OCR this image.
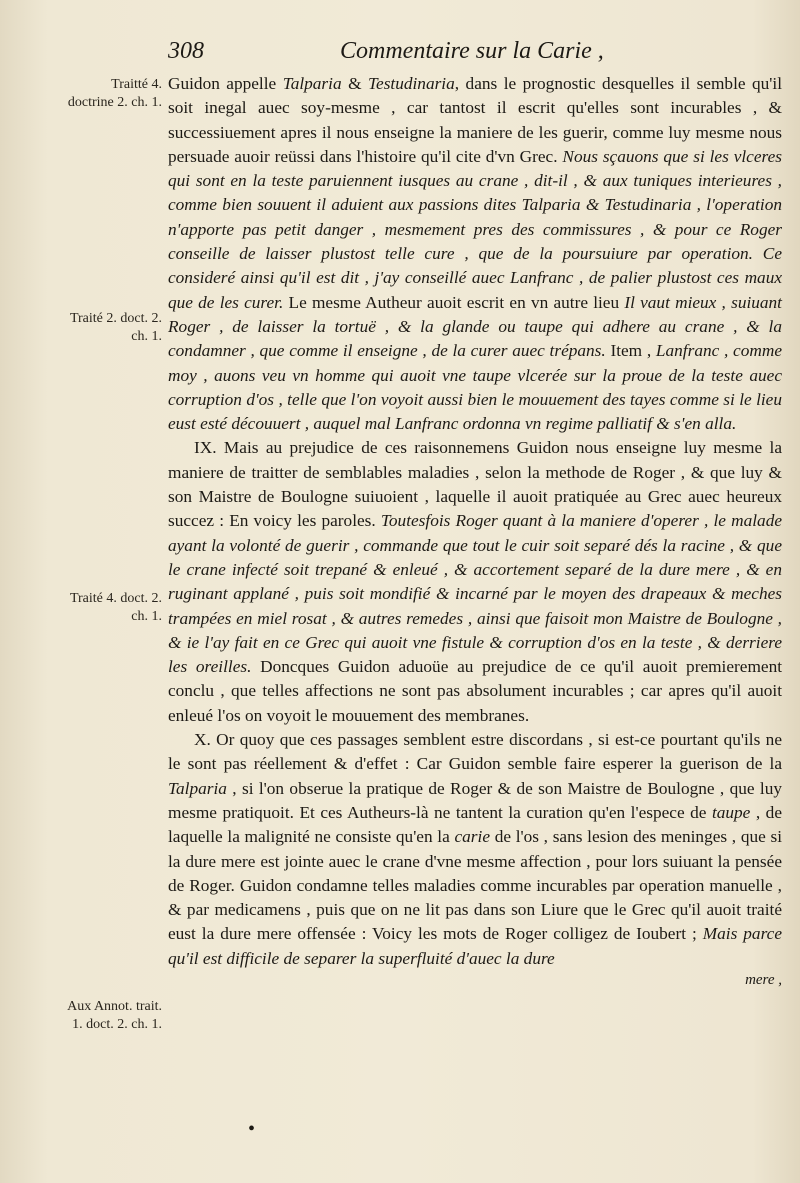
308	Commentaire sur la Carie ,
Traitté 4. doctrine 2. ch. 1.
Traité 2. doct. 2. ch. 1.
Traité 4. doct. 2. ch. 1.
Aux Annot. trait. 1. doct. 2. ch. 1.

Guidon appelle Talparia & Testudinaria, dans le prognostic desquelles il semble qu'il soit inegal auec soy-mesme , car tantost il escrit qu'elles sont incurables , & successiuement apres il nous enseigne la maniere de les guerir, comme luy mesme nous persuade auoir reüssi dans l'histoire qu'il cite d'vn Grec. Nous sçauons que si les vlceres qui sont en la teste paruiennent iusques au crane , dit-il , & aux tuniques interieures , comme bien souuent il aduient aux passions dites Talparia & Testudinaria , l'operation n'apporte pas petit danger , mesmement pres des commissures , & pour ce Roger conseille de laisser plustost telle cure , que de la poursuiure par operation. Ce consideré ainsi qu'il est dit , j'ay conseillé auec Lanfranc , de palier plustost ces maux que de les curer. Le mesme Autheur auoit escrit en vn autre lieu Il vaut mieux , suiuant Roger , de laisser la tortuë , & la glande ou taupe qui adhere au crane , & la condamner , que comme il enseigne , de la curer auec trépans. Item , Lanfranc , comme moy , auons veu vn homme qui auoit vne taupe vlcerée sur la proue de la teste auec corruption d'os , telle que l'on voyoit aussi bien le mouuement des tayes comme si le lieu eust esté découuert , auquel mal Lanfranc ordonna vn regime palliatif & s'en alla.

IX. Mais au prejudice de ces raisonnemens Guidon nous enseigne luy mesme la maniere de traitter de semblables maladies , selon la methode de Roger , & que luy & son Maistre de Boulogne suiuoient , laquelle il auoit pratiquée au Grec auec heureux succez : En voicy les paroles. Toutesfois Roger quant à la maniere d'operer , le malade ayant la volonté de guerir , commande que tout le cuir soit separé dés la racine , & que le crane infecté soit trepané & enleué , & accortement separé de la dure mere , & en ruginant applané , puis soit mondifié & incarné par le moyen des drapeaux & meches trampées en miel rosat , & autres remedes , ainsi que faisoit mon Maistre de Boulogne , & ie l'ay fait en ce Grec qui auoit vne fistule & corruption d'os en la teste , & derriere les oreilles. Doncques Guidon aduoüe au prejudice de ce qu'il auoit premierement conclu , que telles affections ne sont pas absolument incurables ; car apres qu'il auoit enleué l'os on voyoit le mouuement des membranes.

X. Or quoy que ces passages semblent estre discordans , si est-ce pourtant qu'ils ne le sont pas réellement & d'effet : Car Guidon semble faire esperer la guerison de la Talparia , si l'on obserue la pratique de Roger & de son Maistre de Boulogne , que luy mesme pratiquoit. Et ces Autheurs-là ne tantent la curation qu'en l'espece de taupe , de laquelle la malignité ne consiste qu'en la carie de l'os , sans lesion des meninges , que si la dure mere est jointe auec le crane d'vne mesme affection , pour lors suiuant la pensée de Roger. Guidon condamne telles maladies comme incurables par operation manuelle , & par medicamens , puis que on ne lit pas dans son Liure que le Grec qu'il auoit traité eust la dure mere offensée : Voicy les mots de Roger colligez de Ioubert ; Mais parce qu'il est difficile de separer la superfluité d'auec la dure
mere ,

•
